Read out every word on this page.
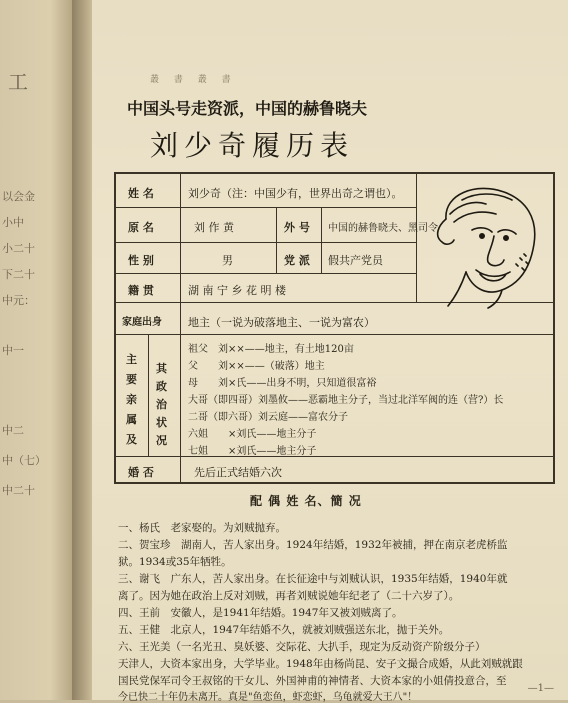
工
以会金
小中
小二十
下二十
中元：
中一
中二
中（七）
中二十
叢 書 叢 書
中国头号走资派，中国的赫鲁晓夫
刘少奇履历表
姓 名	刘少奇（注：中国少有，世界出奇之谓也）。
原 名	刘 作 黄	外 号 中国的赫鲁晓夫、黑司令
性 别	男	党 派 假共产党员
籍 贯	湖 南 宁 乡 花 明 楼
家庭出身 地主（一说为破落地主、一说为富农）
主 要 亲 属 及
其 政 治 状 况
祖父　刘××——地主，有土地120亩
父　　刘××——（破落）地主
母　　刘×氏——出身不明，只知道很富裕
大哥（即四哥）刘墨攸——恶霸地主分子，当过北洋军阀的连（营?）长
二哥（即六哥）刘云庭——富农分子
六姐　　×刘氏——地主分子
七姐　　×刘氏——地主分子
婚 否	先后正式结婚六次
配 偶 姓 名、簡 况
一、杨氏　老家娶的。为刘贼抛弃。
二、贺宝珍　湖南人，苦人家出身。1924年结婚，1932年被捕，押在南京老虎桥监
狱。1934或35年牺牲。
三、谢飞　广东人，苦人家出身。在长征途中与刘贼认识，1935年结婚，1940年就
离了。因为她在政治上反对刘贼，再者刘贼说她年纪老了（二十六岁了）。
四、王前　安徽人，是1941年结婚。1947年又被刘贼离了。
五、王健　北京人，1947年结婚不久，就被刘贼强送东北，抛于关外。
六、王光美（一名光丑、臭妖婆、交际花、大扒手，现定为反动资产阶级分子）
天津人，大资本家出身，大学毕业。1948年由杨尚昆、安子文撮合成婚，从此刘贼就跟
国民党保军司令王叔铭的干女儿、外国神甫的神情者、大资本家的小姐倩投意合，至
今已快二十年仍未离开。真是"鱼恋鱼，虾恋虾，乌龟就爱大王八"！
—1—
